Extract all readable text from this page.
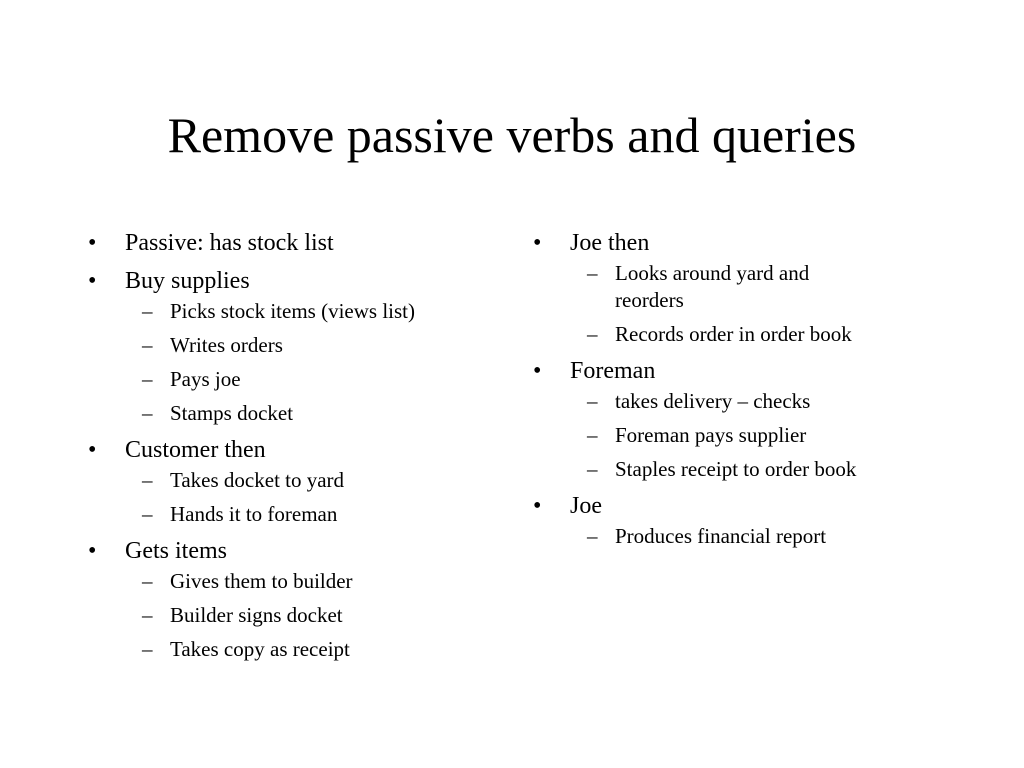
Remove passive verbs and queries
• Passive: has stock list
• Buy supplies
– Picks stock items (views list)
– Writes orders
– Pays joe
– Stamps docket
• Customer then
– Takes docket to yard
– Hands it to foreman
• Gets items
– Gives them to builder
– Builder signs docket
– Takes copy as receipt
• Joe then
– Looks around yard and reorders
– Records order in order book
• Foreman
– takes delivery – checks
– Foreman pays supplier
– Staples receipt to order book
• Joe
– Produces financial report
